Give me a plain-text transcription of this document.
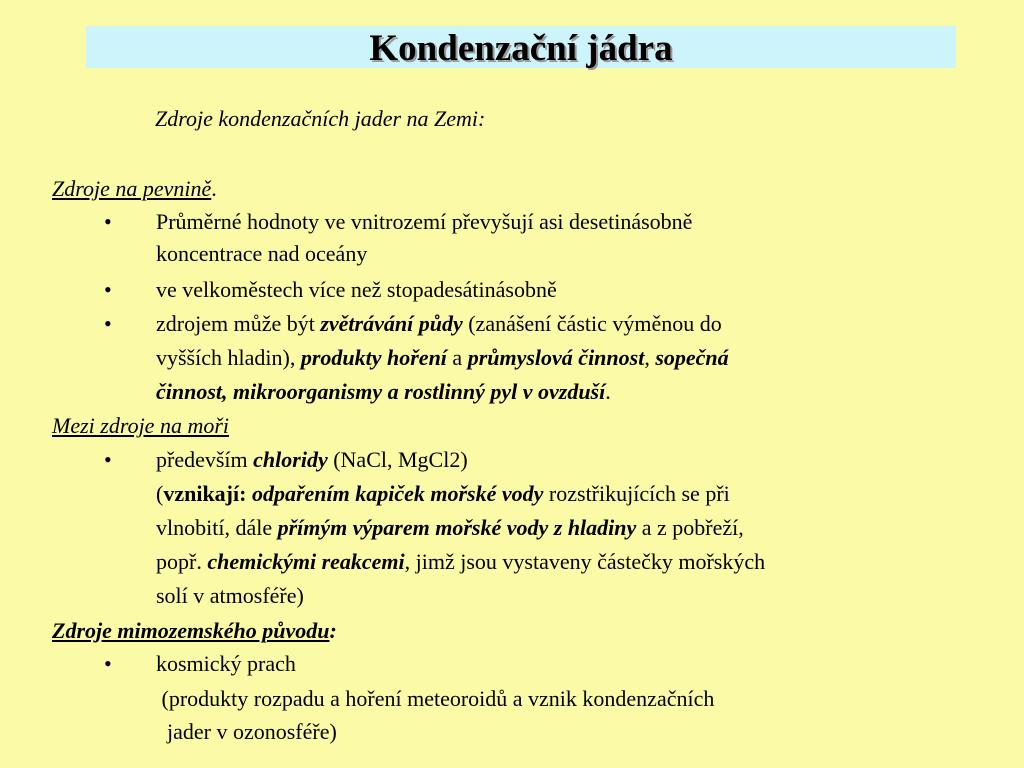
Kondenzační jádra
Zdroje kondenzačních jader na Zemi:
Zdroje na pevnině.
• Průměrné hodnoty ve vnitrozemí převyšují asi desetinásobně
koncentrace nad oceány
• ve velkoměstech více než stopadesátinásobně
• zdrojem může být zvětrávání půdy (zanášení částic výměnou do
vyšších hladin), produkty hoření a průmyslová činnost, sopečná
činnost, mikroorganismy a rostlinný pyl v ovzduší.
Mezi zdroje na moři
• především chloridy (NaCl, MgCl2)
(vznikají: odpařením kapiček mořské vody rozstřikujících se při
vlnobití, dále přímým výparem mořské vody z hladiny a z pobřeží,
popř. chemickými reakcemi, jimž jsou vystaveny částečky mořských
solí v atmosféře)
Zdroje mimozemského původu:
• kosmický prach
(produkty rozpadu a hoření meteoroidů a vznik kondenzačních
jader v ozonosféře)
